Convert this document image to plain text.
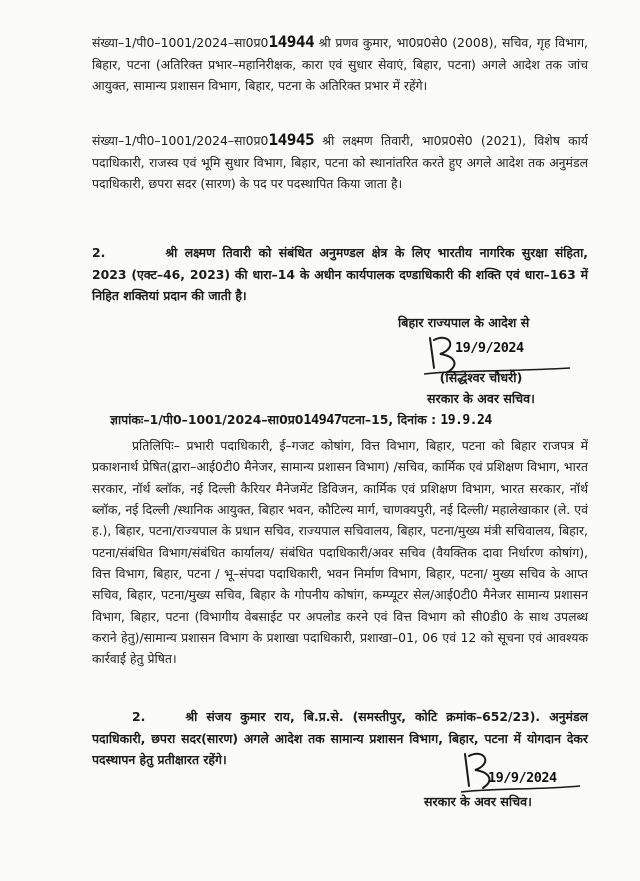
संख्या–1/पी0–1001/2024–सा0प्र014944 श्री प्रणव कुमार, भा0प्र0से0 (2008), सचिव, गृह विभाग, बिहार, पटना (अतिरिक्त प्रभार–महानिरीक्षक, कारा एवं सुधार सेवाएं, बिहार, पटना) अगले आदेश तक जांच आयुक्त, सामान्य प्रशासन विभाग, बिहार, पटना के अतिरिक्त प्रभार में रहेंगे।
संख्या–1/पी0–1001/2024–सा0प्र014945 श्री लक्ष्मण तिवारी, भा0प्र0से0 (2021), विशेष कार्य पदाधिकारी, राजस्व एवं भूमि सुधार विभाग, बिहार, पटना को स्थानांतरित करते हुए अगले आदेश तक अनुमंडल पदाधिकारी, छपरा सदर (सारण) के पद पर पदस्थापित किया जाता है।
2.	श्री लक्ष्मण तिवारी को संबंधित अनुमण्डल क्षेत्र के लिए भारतीय नागरिक सुरक्षा संहिता, 2023 (एक्ट–46, 2023) की धारा–14 के अधीन कार्यपालक दण्डाधिकारी की शक्ति एवं धारा–163 में निहित शक्तियां प्रदान की जाती है।
बिहार राज्यपाल के आदेश से
19/9/2024
(सिद्धेश्वर चौधरी)
सरकार के अवर सचिव।
ज्ञापांकः–1/पी0–1001/2024–सा0प्र014947पटना–15, दिनांक : 19.9.24
प्रतिलिपिः– प्रभारी पदाधिकारी, ई–गजट कोषांग, वित्त विभाग, बिहार, पटना को बिहार राजपत्र में प्रकाशनार्थ प्रेषित(द्वारा–आई0टी0 मैनेजर, सामान्य प्रशासन विभाग) /सचिव, कार्मिक एवं प्रशिक्षण विभाग, भारत सरकार, नॉर्थ ब्लॉक, नई दिल्ली कैरियर मैनेजमेंट डिविजन, कार्मिक एवं प्रशिक्षण विभाग, भारत सरकार, नॉर्थ ब्लॉक, नई दिल्ली /स्थानिक आयुक्त, बिहार भवन, कौटिल्य मार्ग, चाणक्यपुरी, नई दिल्ली/ महालेखाकार (ले. एवं ह.), बिहार, पटना/राज्यपाल के प्रधान सचिव, राज्यपाल सचिवालय, बिहार, पटना/मुख्य मंत्री सचिवालय, बिहार, पटना/संबंधित विभाग/संबंधित कार्यालय/ संबंधित पदाधिकारी/अवर सचिव (वैयक्तिक दावा निर्धारण कोषांग), वित्त विभाग, बिहार, पटना / भू–संपदा पदाधिकारी, भवन निर्माण विभाग, बिहार, पटना/ मुख्य सचिव के आप्त सचिव, बिहार, पटना/मुख्य सचिव, बिहार के गोपनीय कोषांग, कम्प्यूटर सेल/आई0टी0 मैनेजर सामान्य प्रशासन विभाग, बिहार, पटना (विभागीय वेबसाईट पर अपलोड करने एवं वित्त विभाग को सी0डी0 के साथ उपलब्ध कराने हेतु)/सामान्य प्रशासन विभाग के प्रशाखा पदाधिकारी, प्रशाखा–01, 06 एवं 12 को सूचना एवं आवश्यक कार्रवाई हेतु प्रेषित।
2.	श्री संजय कुमार राय, बि.प्र.से. (समस्तीपुर, कोटि क्रमांक–652/23). अनुमंडल पदाधिकारी, छपरा सदर(सारण) अगले आदेश तक सामान्य प्रशासन विभाग, बिहार, पटना में योगदान देकर पदस्थापन हेतु प्रतीक्षारत रहेंगे।
19/9/2024
सरकार के अवर सचिव।
